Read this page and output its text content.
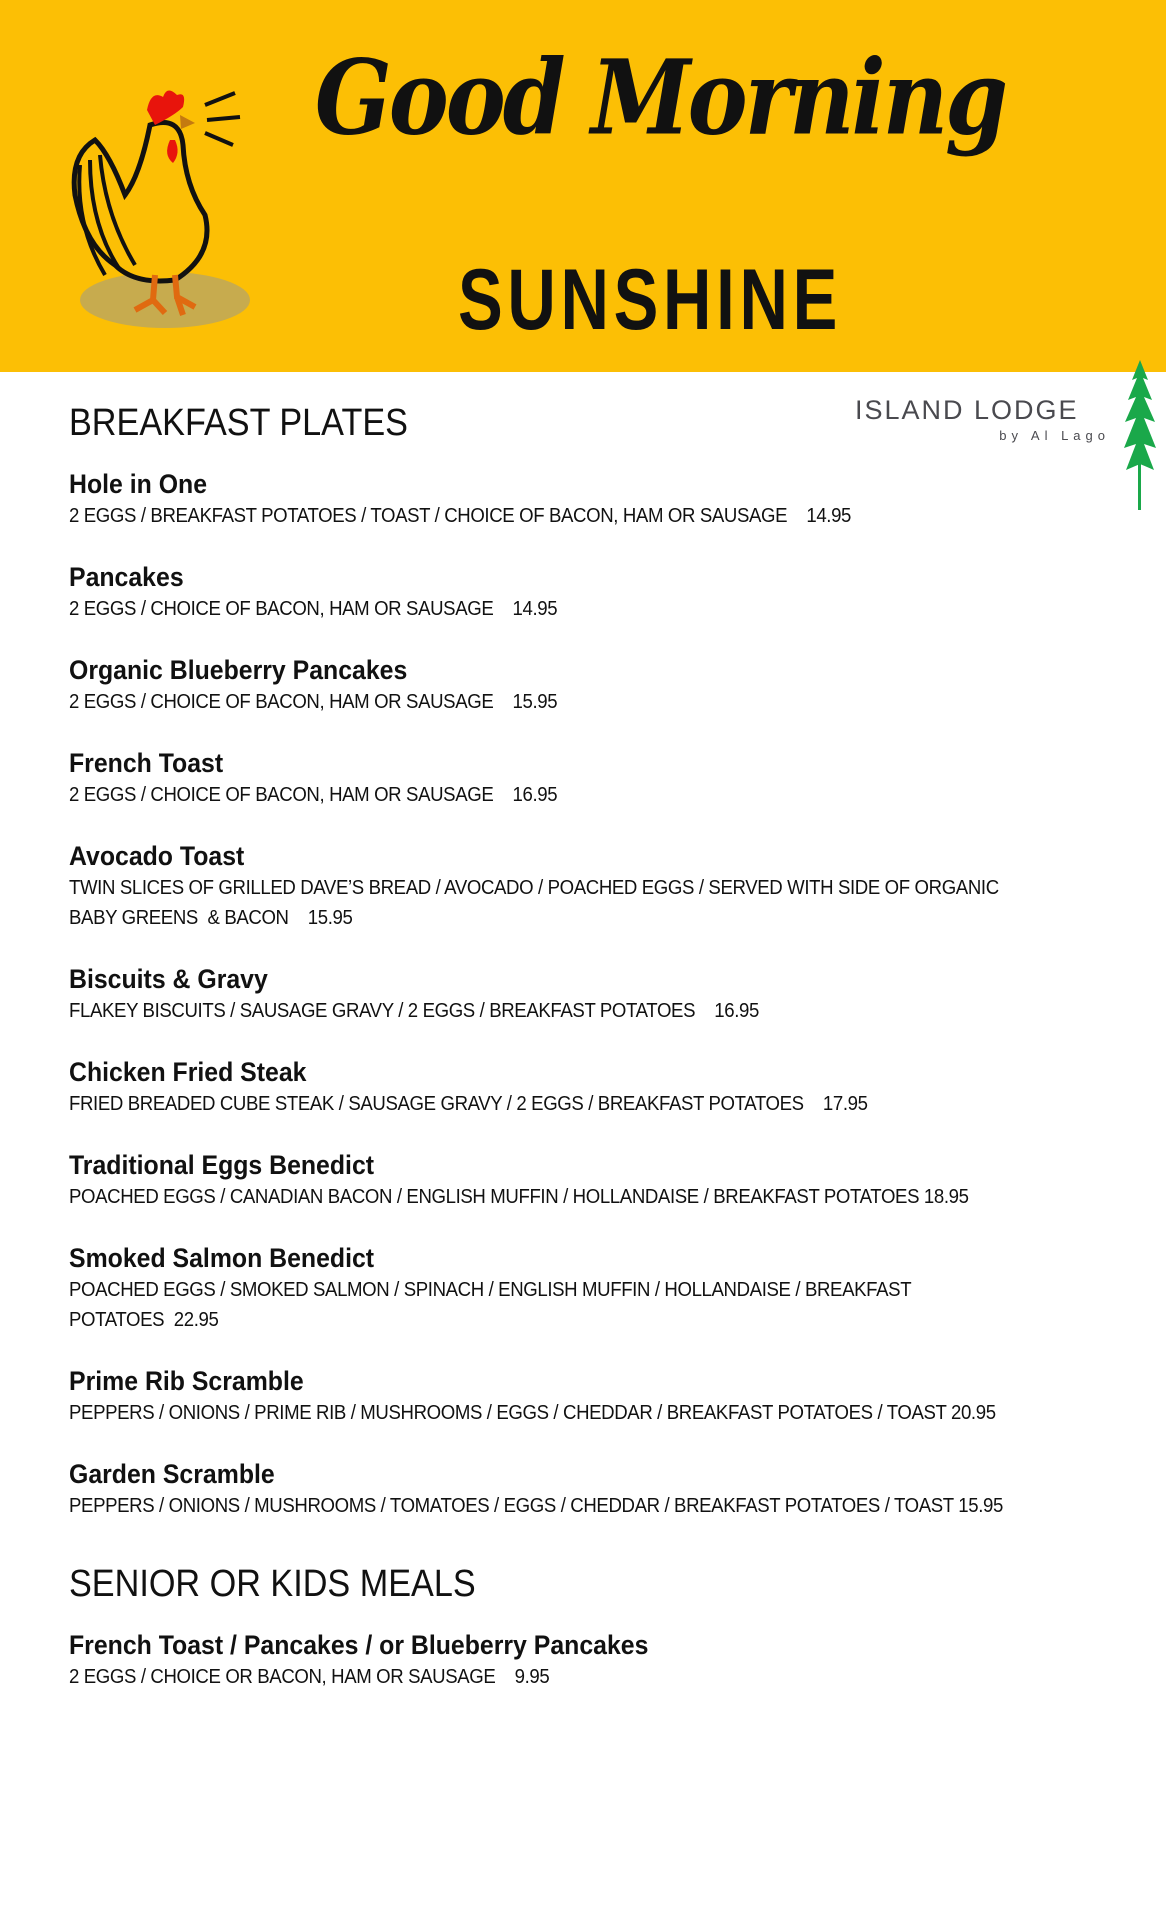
Good Morning
SUNSHINE
ISLAND LODGE
by Al Lago
BREAKFAST PLATES
Hole in One
2 EGGS / BREAKFAST POTATOES / TOAST / CHOICE OF BACON, HAM OR SAUSAGE    14.95
Pancakes
2 EGGS / CHOICE OF BACON, HAM OR SAUSAGE    14.95
Organic Blueberry Pancakes
2 EGGS / CHOICE OF BACON, HAM OR SAUSAGE    15.95
French Toast
2 EGGS / CHOICE OF BACON, HAM OR SAUSAGE    16.95
Avocado Toast
TWIN SLICES OF GRILLED DAVE’S BREAD / AVOCADO / POACHED EGGS / SERVED WITH SIDE OF ORGANIC BABY GREENS  & BACON    15.95
Biscuits & Gravy
FLAKEY BISCUITS / SAUSAGE GRAVY / 2 EGGS / BREAKFAST POTATOES    16.95
Chicken Fried Steak
FRIED BREADED CUBE STEAK / SAUSAGE GRAVY / 2 EGGS / BREAKFAST POTATOES    17.95
Traditional Eggs Benedict
POACHED EGGS / CANADIAN BACON / ENGLISH MUFFIN / HOLLANDAISE / BREAKFAST POTATOES 18.95
Smoked Salmon Benedict
POACHED EGGS / SMOKED SALMON / SPINACH / ENGLISH MUFFIN / HOLLANDAISE / BREAKFAST POTATOES  22.95
Prime Rib Scramble
PEPPERS / ONIONS / PRIME RIB / MUSHROOMS / EGGS / CHEDDAR / BREAKFAST POTATOES / TOAST 20.95
Garden Scramble
PEPPERS / ONIONS / MUSHROOMS / TOMATOES / EGGS / CHEDDAR / BREAKFAST POTATOES / TOAST 15.95
SENIOR OR KIDS MEALS
French Toast / Pancakes / or Blueberry Pancakes
2 EGGS / CHOICE OR BACON, HAM OR SAUSAGE    9.95
